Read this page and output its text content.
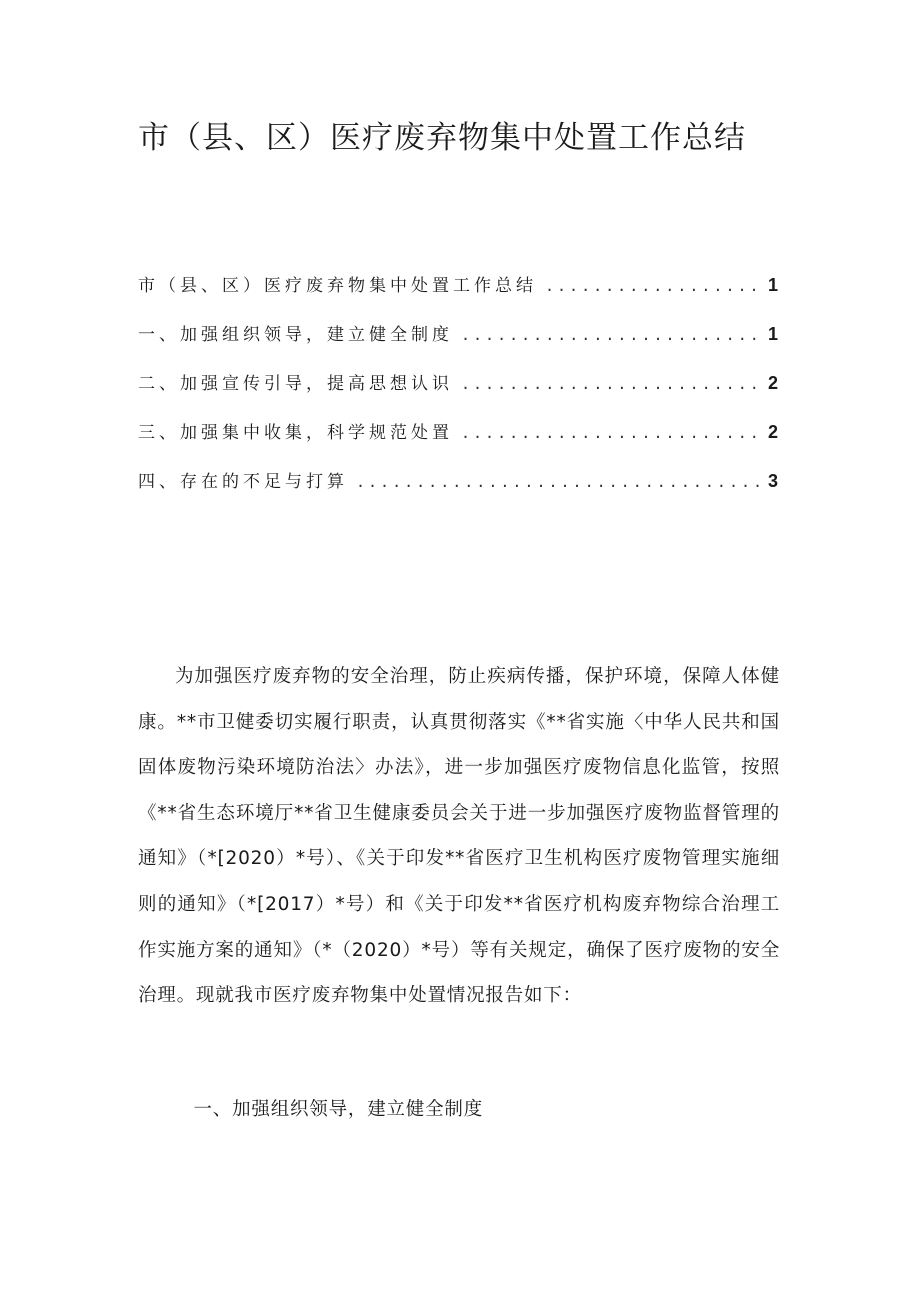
市（县、区）医疗废弃物集中处置工作总结
市（县、区）医疗废弃物集中处置工作总结 .....	1
一、加强组织领导，建立健全制度 .....	1
二、加强宣传引导，提高思想认识 .....	2
三、加强集中收集，科学规范处置 .....	2
四、存在的不足与打算 .....	3

为加强医疗废弃物的安全治理，防止疾病传播，保护环境，保障人体健康。**市卫健委切实履行职责，认真贯彻落实《**省实施〈中华人民共和国固体废物污染环境防治法〉办法》，进一步加强医疗废物信息化监管，按照《**省生态环境厅**省卫生健康委员会关于进一步加强医疗废物监督管理的通知》（*[2020）*号）、《关于印发**省医疗卫生机构医疗废物管理实施细则的通知》（*[2017）*号）和《关于印发**省医疗机构废弃物综合治理工作实施方案的通知》（*（2020）*号）等有关规定，确保了医疗废物的安全治理。现就我市医疗废弃物集中处置情况报告如下：

一、加强组织领导，建立健全制度
